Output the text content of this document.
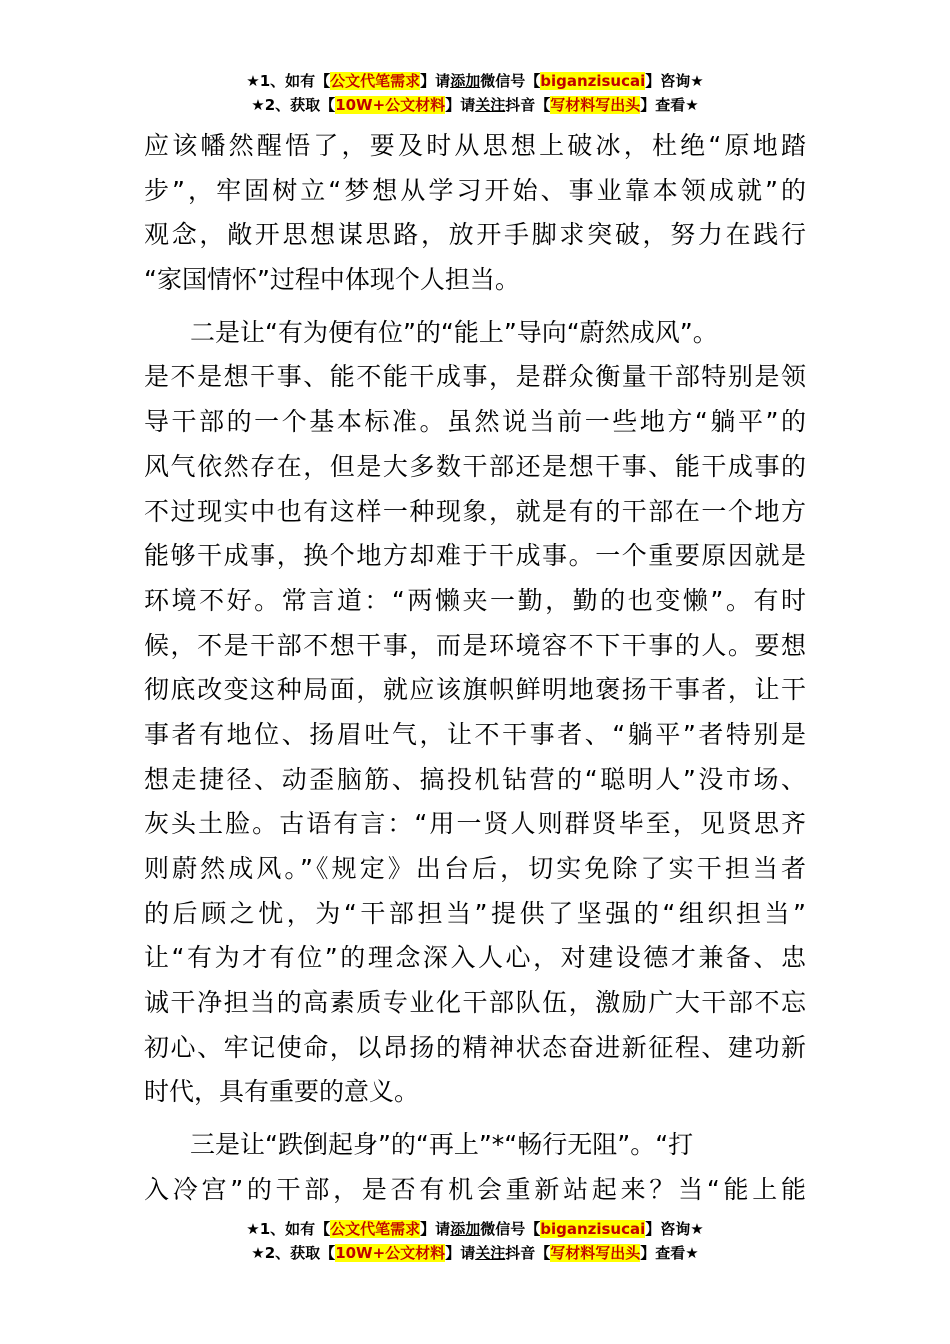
★1、如有【公文代笔需求】请添加微信号【biganzisucai】咨询★
★2、获取【10W+公文材料】请关注抖音【写材料写出头】查看★
应该幡然醒悟了，要及时从思想上破冰，杜绝“原地踏
步”，牢固树立“梦想从学习开始、事业靠本领成就”的
观念，敞开思想谋思路，放开手脚求突破，努力在践行
“家国情怀”过程中体现个人担当。
二是让“有为便有位”的“能上”导向“蔚然成风”。
是不是想干事、能不能干成事，是群众衡量干部特别是领
导干部的一个基本标准。虽然说当前一些地方“躺平”的
风气依然存在，但是大多数干部还是想干事、能干成事的
不过现实中也有这样一种现象，就是有的干部在一个地方
能够干成事，换个地方却难于干成事。一个重要原因就是
环境不好。常言道：“两懒夹一勤，勤的也变懒”。有时
候，不是干部不想干事，而是环境容不下干事的人。要想
彻底改变这种局面，就应该旗帜鲜明地褒扬干事者，让干
事者有地位、扬眉吐气，让不干事者、“躺平”者特别是
想走捷径、动歪脑筋、搞投机钻营的“聪明人”没市场、
灰头土脸。古语有言：“用一贤人则群贤毕至，见贤思齐
则蔚然成风。”《规定》出台后，切实免除了实干担当者
的后顾之忧，为“干部担当”提供了坚强的“组织担当”
让“有为才有位”的理念深入人心，对建设德才兼备、忠
诚干净担当的高素质专业化干部队伍，激励广大干部不忘
初心、牢记使命，以昂扬的精神状态奋进新征程、建功新
时代，具有重要的意义。
三是让“跌倒起身”的“再上”*“畅行无阻”。“打
入冷宫”的干部，是否有机会重新站起来？当“能上能
★1、如有【公文代笔需求】请添加微信号【biganzisucai】咨询★
★2、获取【10W+公文材料】请关注抖音【写材料写出头】查看★
